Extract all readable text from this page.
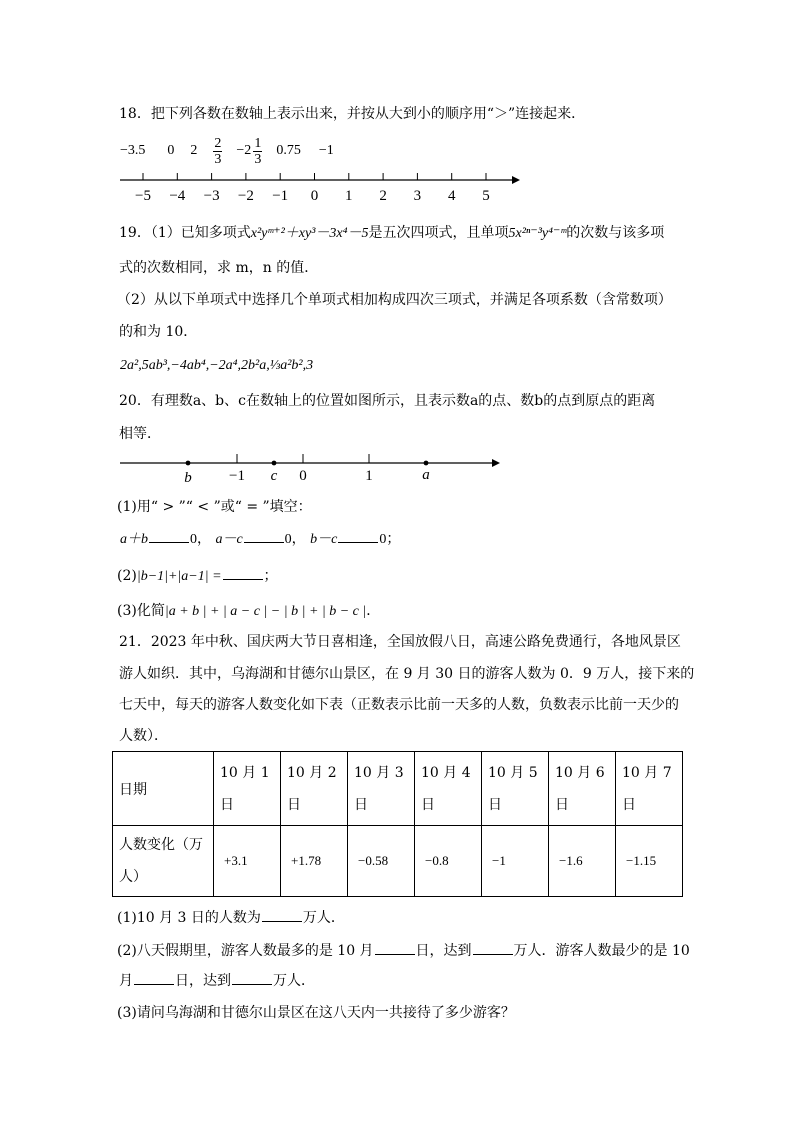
18．把下列各数在数轴上表示出来，并按从大到小的顺序用“＞”连接起来．
−3.5 0 $2 \frac{2}{3} -2 \frac{1}{3} 0.75 -1$
−5 −4 −3 −2 −1 0 1 2 3 4 5
19．（1）已知多项式x²yᵐ⁺²＋xy³－3x⁴－5是五次四项式，且单项5x²ⁿ⁻³y⁴⁻ᵐ的次数与该多项
式的次数相同，求 m，n 的值．
（2）从以下单项式中选择几个单项式相加构成四次三项式，并满足各项系数（含常数项）
的和为 10．
2a²,5ab³,−4ab⁴,−2a⁴,2b²a,⅓a²b²,3
20．有理数a、b、c在数轴上的位置如图所示，且表示数a的点、数b的点到原点的距离
相等．
b −1 c 0	1	a
(1)用“ > ”“ < ”或“ = ”填空：
a＋b	0， a－c	0， b－c	0；
(2)|b−1|+|a−1| =	；
(3)化简|a + b | + | a − c | − | b | + | b − c |．
21．2023 年中秋、国庆两大节日喜相逢，全国放假八日，高速公路免费通行，各地风景区
游人如织．其中，乌海湖和甘德尔山景区，在 9 月 30 日的游客人数为 0．9 万人，接下来的
七天中，每天的游客人数变化如下表（正数表示比前一天多的人数，负数表示比前一天少的
人数）．
日期	10 月 1
日	10 月 2
日	10 月 3
日	10 月 4
日	10 月 5
日	10 月 6
日	10 月 7
日

人数变化（万
人）	+3.1	+1.78	−0.58	−0.8	−1	−1.6	−1.15
(1)10 月 3 日的人数为	万人．
(2)八天假期里，游客人数最多的是 10 月	日，达到	万人．游客人数最少的是 10
月	日，达到	万人．
(3)请问乌海湖和甘德尔山景区在这八天内一共接待了多少游客？
